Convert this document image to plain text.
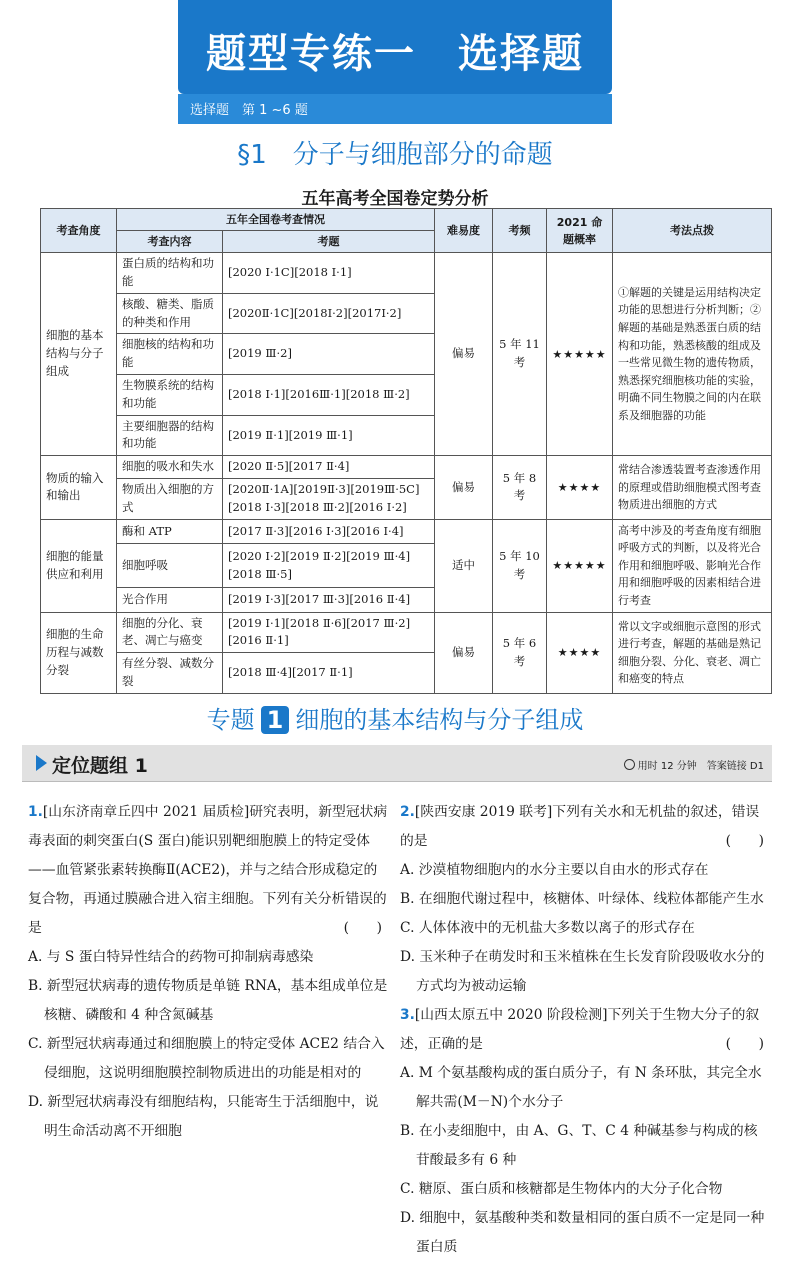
题型专练一　选择题
选择题　第 1 ~6 题
§1　分子与细胞部分的命题
五年高考全国卷定势分析
考查角度	五年全国卷考查情况		难易度	考频	2021 命题概率	考法点拨
	考查内容	考题				
细胞的基本结构与分子组成	蛋白质的结构和功能	[2020 Ⅰ·1C][2018 Ⅰ·1]	偏易	5 年 11 考	★★★★★	①解题的关键是运用结构决定功能的思想进行分析判断；②解题的基础是熟悉蛋白质的结构和功能，熟悉核酸的组成及一些常见微生物的遗传物质，熟悉探究细胞核功能的实验，明确不同生物膜之间的内在联系及细胞器的功能
	核酸、糖类、脂质的种类和作用	[2020Ⅱ·1C][2018Ⅰ·2][2017Ⅰ·2]				
	细胞核的结构和功能	[2019 Ⅲ·2]				
	生物膜系统的结构和功能	[2018 Ⅰ·1][2016Ⅲ·1][2018 Ⅲ·2]				
	主要细胞器的结构和功能	[2019 Ⅱ·1][2019 Ⅲ·1]				
物质的输入和输出	细胞的吸水和失水	[2020 Ⅱ·5][2017 Ⅱ·4]	偏易	5 年 8 考	★★★★	常结合渗透装置考查渗透作用的原理或借助细胞模式图考查物质进出细胞的方式
	物质出入细胞的方式	[2020Ⅱ·1A][2019Ⅱ·3][2019Ⅲ·5C][2018 Ⅰ·3][2018 Ⅲ·2][2016 Ⅰ·2]				
细胞的能量供应和利用	酶和 ATP	[2017 Ⅱ·3][2016 Ⅰ·3][2016 Ⅰ·4]	适中	5 年 10 考	★★★★★	高考中涉及的考查角度有细胞呼吸方式的判断，以及将光合作用和细胞呼吸、影响光合作用和细胞呼吸的因素相结合进行考查
	细胞呼吸	[2020 Ⅰ·2][2019 Ⅱ·2][2019 Ⅲ·4][2018 Ⅲ·5]				
	光合作用	[2019 Ⅰ·3][2017 Ⅲ·3][2016 Ⅱ·4]				
细胞的生命历程与减数分裂	细胞的分化、衰老、凋亡与癌变	[2019 Ⅰ·1][2018 Ⅱ·6][2017 Ⅲ·2][2016 Ⅱ·1]	偏易	5 年 6 考	★★★★	常以文字或细胞示意图的形式进行考查，解题的基础是熟记细胞分裂、分化、衰老、凋亡和癌变的特点
	有丝分裂、减数分裂	[2018 Ⅲ·4][2017 Ⅱ·1]				
专题 1 细胞的基本结构与分子组成
定位题组 1	用时 12 分钟　 答案链接 D1
1.[山东济南章丘四中 2021 届质检]研究表明，新型冠状病毒表面的刺突蛋白(S 蛋白)能识别靶细胞膜上的特定受体——血管紧张素转换酶Ⅱ(ACE2)，并与之结合形成稳定的复合物，再通过膜融合进入宿主细胞。下列有关分析错误的是	(　　)
A. 与 S 蛋白特异性结合的药物可抑制病毒感染
B. 新型冠状病毒的遗传物质是单链 RNA，基本组成单位是核糖、磷酸和 4 种含氮碱基
C. 新型冠状病毒通过和细胞膜上的特定受体 ACE2 结合入侵细胞，这说明细胞膜控制物质进出的功能是相对的
D. 新型冠状病毒没有细胞结构，只能寄生于活细胞中，说明生命活动离不开细胞
2.[陕西安康 2019 联考]下列有关水和无机盐的叙述，错误的是	(　　)
A. 沙漠植物细胞内的水分主要以自由水的形式存在
B. 在细胞代谢过程中，核糖体、叶绿体、线粒体都能产生水
C. 人体体液中的无机盐大多数以离子的形式存在
D. 玉米种子在萌发时和玉米植株在生长发育阶段吸收水分的方式均为被动运输
3.[山西太原五中 2020 阶段检测]下列关于生物大分子的叙述，正确的是	(　　)
A. M 个氨基酸构成的蛋白质分子，有 N 条环肽，其完全水解共需(M－N)个水分子
B. 在小麦细胞中，由 A、G、T、C 4 种碱基参与构成的核苷酸最多有 6 种
C. 糖原、蛋白质和核糖都是生物体内的大分子化合物
D. 细胞中，氨基酸种类和数量相同的蛋白质不一定是同一种蛋白质
